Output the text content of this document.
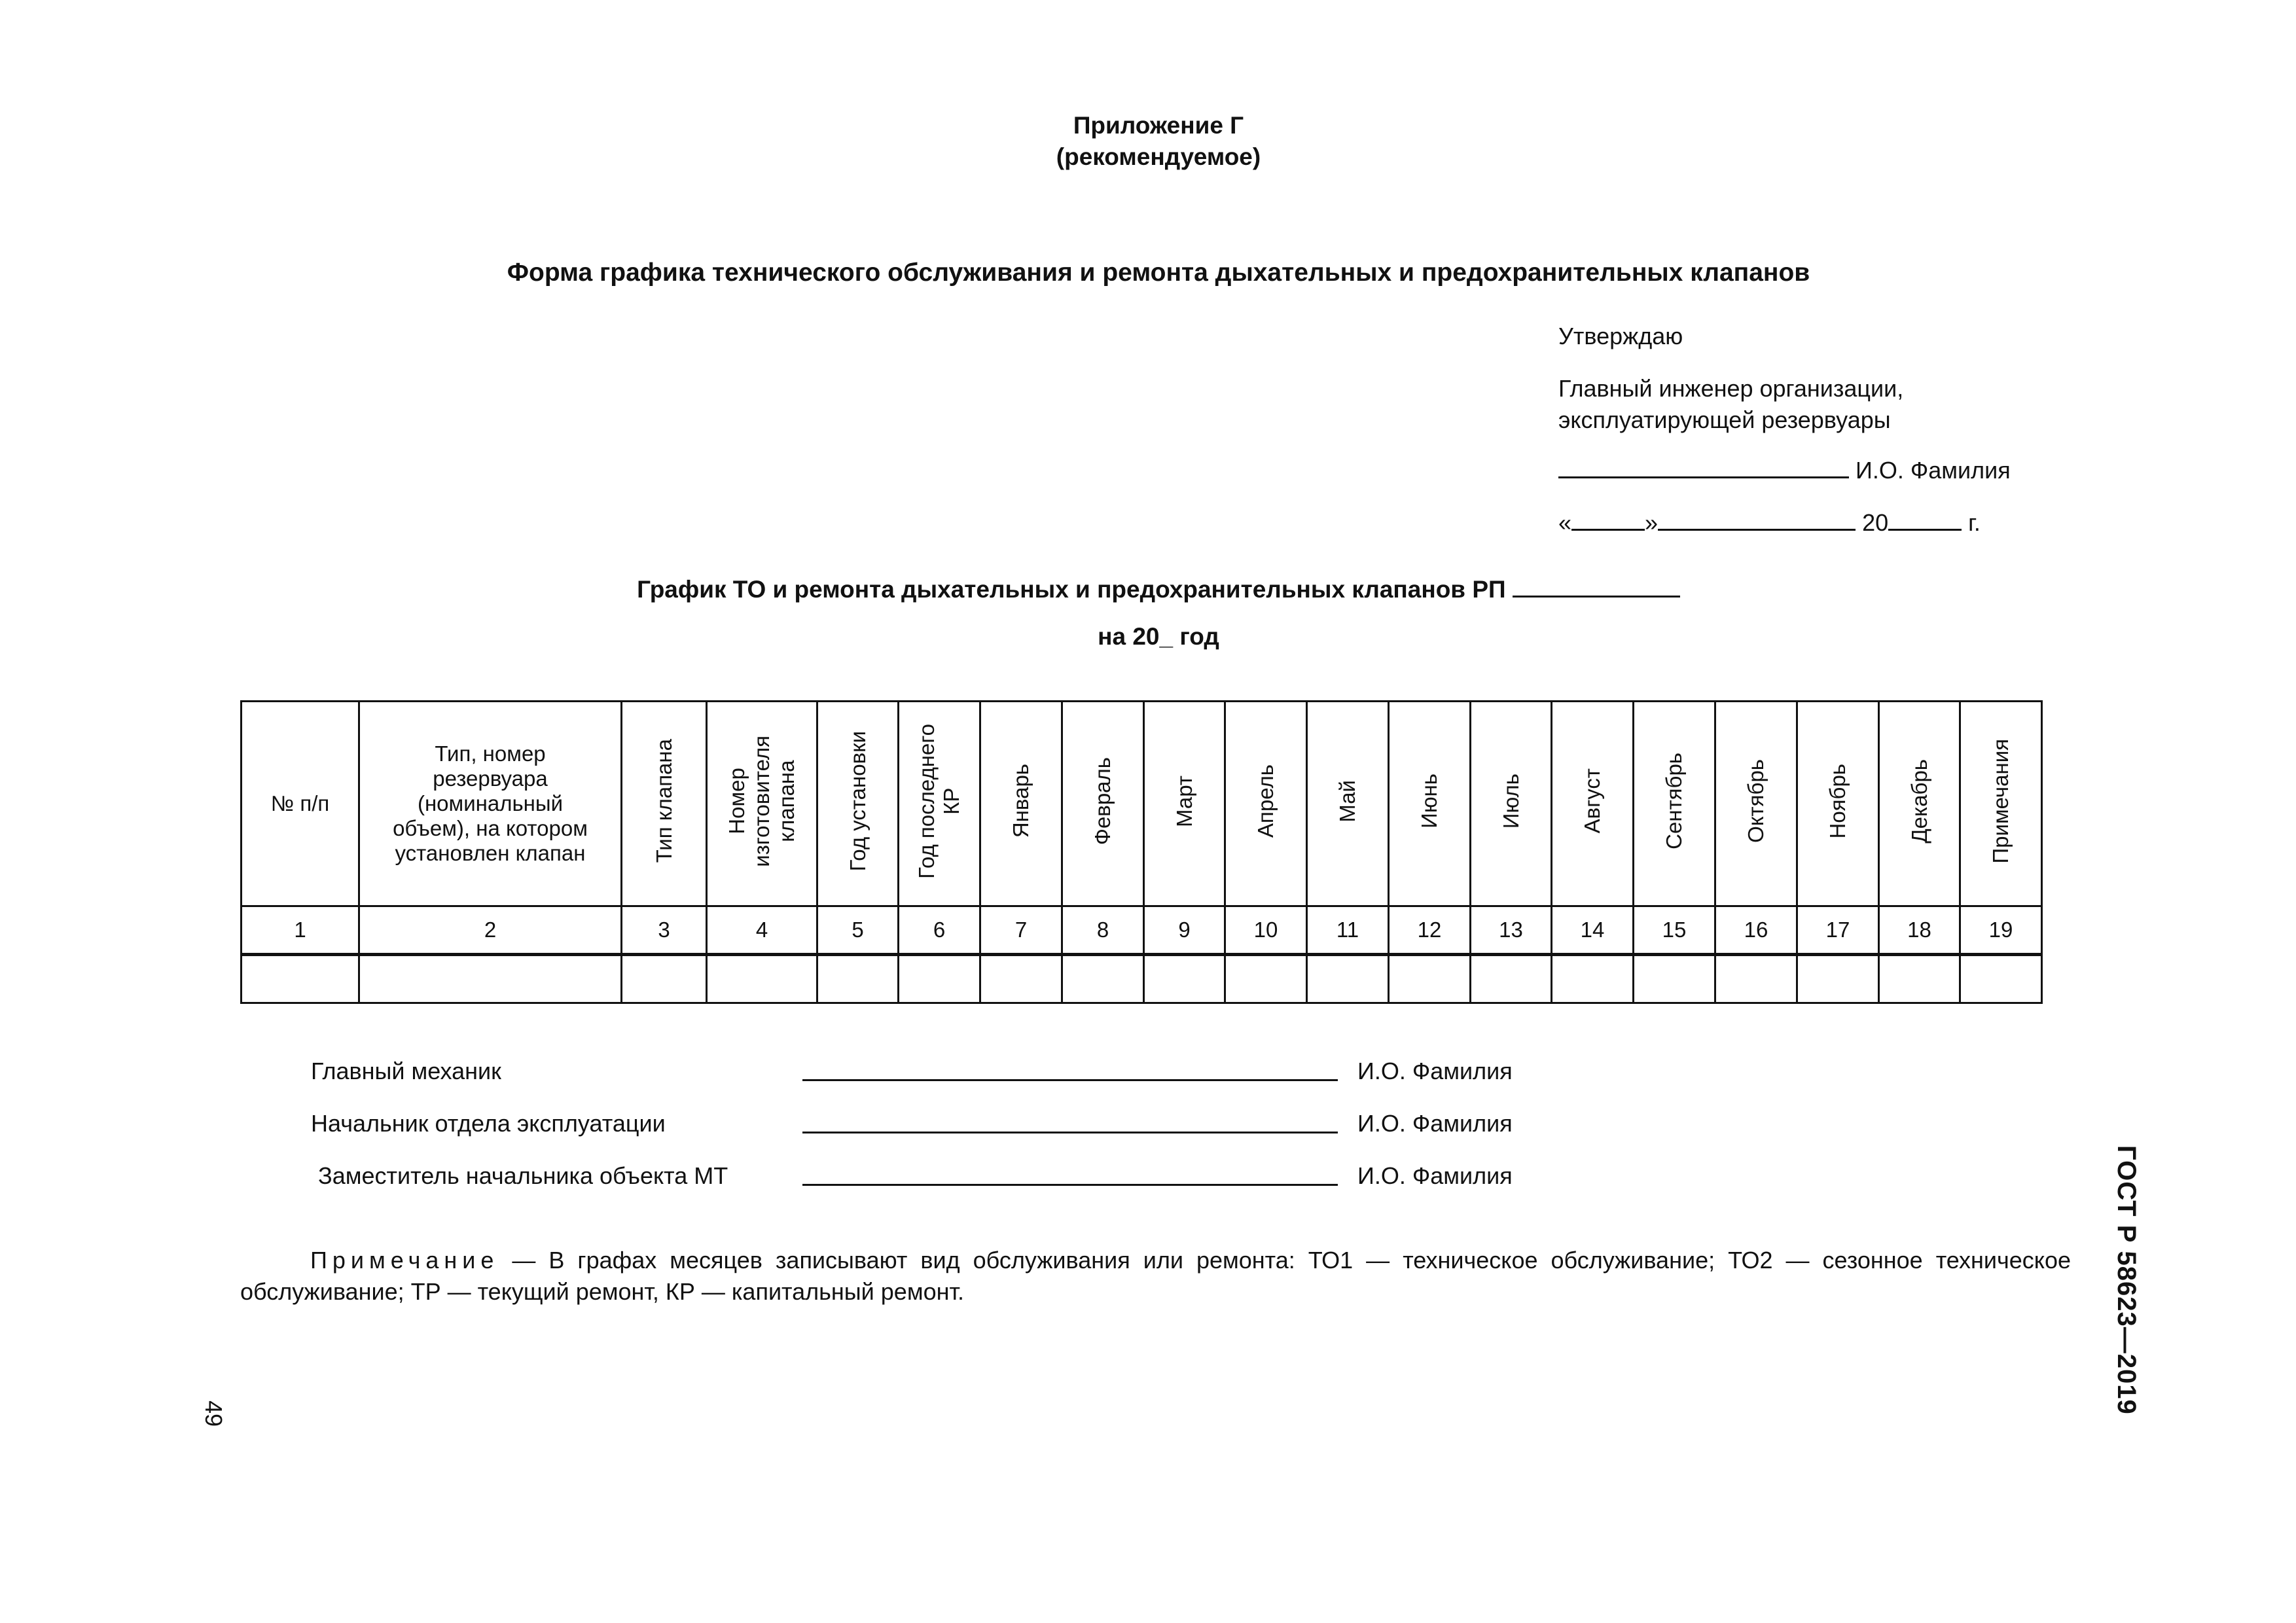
Приложение Г
(рекомендуемое)
Форма графика технического обслуживания и ремонта дыхательных и предохранительных клапанов
Утверждаю
Главный инженер организации,
эксплуатирующей резервуары
И.О. Фамилия
«	»	20	г.
График ТО и ремонта дыхательных и предохранительных клапанов РП
на 20_ год
№ п/п	Тип, номер
резервуара
(номинальный
объем), на котором
установлен клапан	Тип клапана	Номер
изготовителя
клапана	Год установки	Год последнего
КР	Январь	Февраль	Март	Апрель	Май	Июнь	Июль	Август	Сентябрь	Октябрь	Ноябрь	Декабрь	Примечания
1	2	3	4	5	6	7	8	9	10	11	12	13	14	15	16	17	18	19

Главный механик	И.О. Фамилия
Начальник отдела эксплуатации	И.О. Фамилия
Заместитель начальника объекта МТ	И.О. Фамилия
Примечание — В графах месяцев записывают вид обслуживания или ремонта: ТО1 — техническое обслуживание; ТО2 — сезонное техническое обслуживание; ТР — текущий ремонт, КР — капитальный ремонт.	ГОСТ Р 58623—2019
49
